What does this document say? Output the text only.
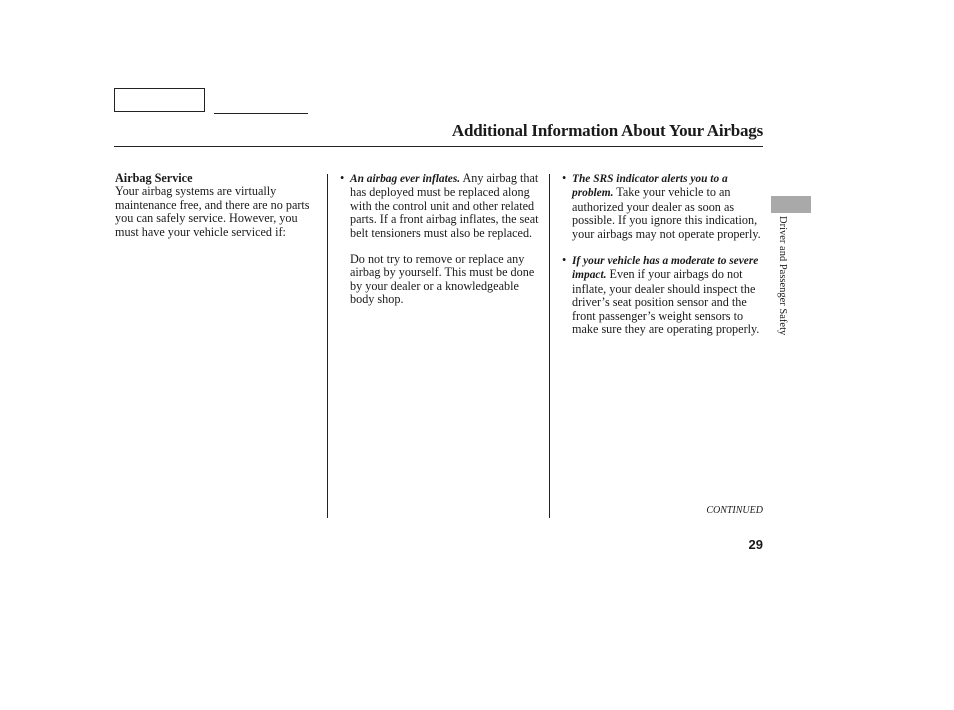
Additional Information About Your Airbags
Airbag Service

Your airbag systems are virtually maintenance free, and there are no parts you can safely service. However, you must have your vehicle serviced if:

• An airbag ever inflates. Any airbag that has deployed must be replaced along with the control unit and other related parts. If a front airbag inflates, the seat belt tensioners must also be replaced.

Do not try to remove or replace any airbag by yourself. This must be done by your dealer or a knowledgeable body shop.

• The SRS indicator alerts you to a problem. Take your vehicle to an authorized your dealer as soon as possible. If you ignore this indication, your airbags may not operate properly.
• If your vehicle has a moderate to severe impact. Even if your airbags do not inflate, your dealer should inspect the driver’s seat position sensor and the front passenger’s weight sensors to make sure they are operating properly. Driver and Passenger Safety
CONTINUED
29
